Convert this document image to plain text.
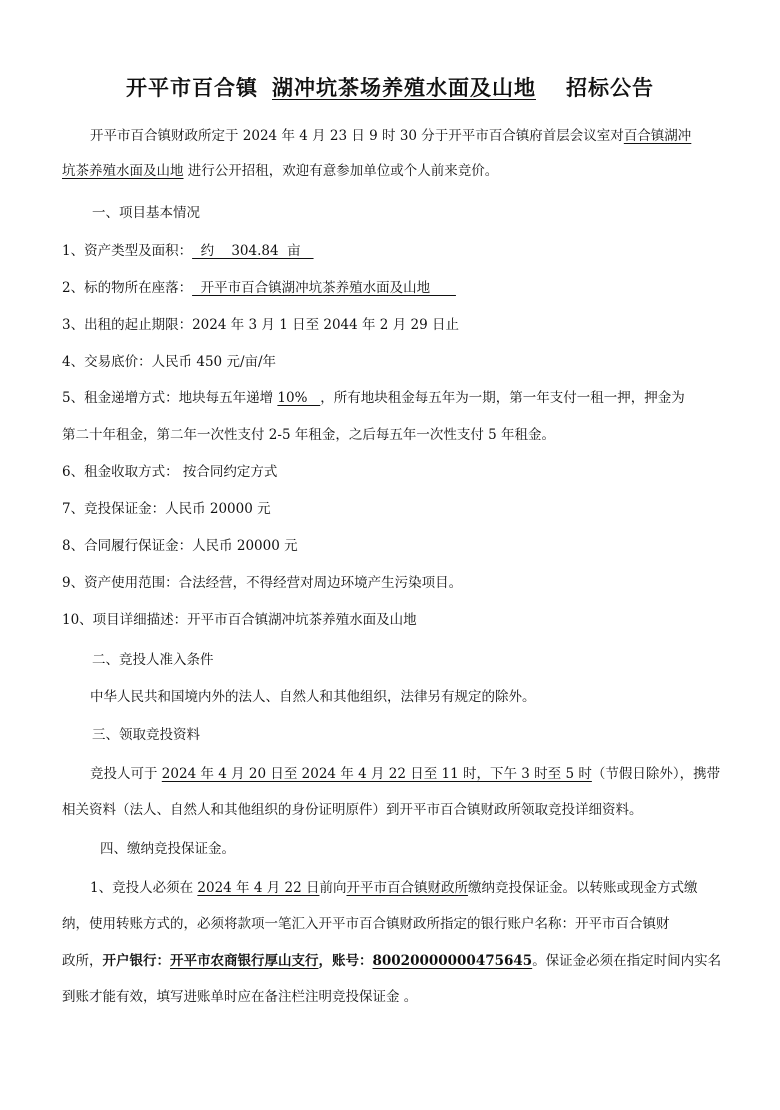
开平市百合镇 湖冲坑茶场养殖水面及山地 招标公告
开平市百合镇财政所定于 2024 年 4 月 23 日 9 时 30 分于开平市百合镇府首层会议室对百合镇湖冲
坑茶养殖水面及山地 进行公开招租，欢迎有意参加单位或个人前来竞价。
一、项目基本情况
1、资产类型及面积：  约    304.84  亩
2、标的物所在座落：  开平市百合镇湖冲坑茶养殖水面及山地
3、出租的起止期限：2024 年 3 月 1 日至 2044 年 2 月 29 日止
4、交易底价：人民币 450 元/亩/年
5、租金递增方式：地块每五年递增 10%   ，所有地块租金每五年为一期，第一年支付一租一押，押金为
第二十年租金，第二年一次性支付 2-5 年租金，之后每五年一次性支付 5 年租金。
6、租金收取方式： 按合同约定方式
7、竞投保证金：人民币 20000 元
8、合同履行保证金：人民币 20000 元
9、资产使用范围：合法经营，不得经营对周边环境产生污染项目。
10、项目详细描述：开平市百合镇湖冲坑茶养殖水面及山地
二、竞投人准入条件
中华人民共和国境内外的法人、自然人和其他组织，法律另有规定的除外。
三、领取竞投资料
竞投人可于 2024 年 4 月 20 日至 2024 年 4 月 22 日至 11 时，下午 3 时至 5 时（节假日除外），携带
相关资料（法人、自然人和其他组织的身份证明原件）到开平市百合镇财政所领取竞投详细资料。
四、缴纳竞投保证金。
1、竞投人必须在 2024 年 4 月 22 日前向开平市百合镇财政所缴纳竞投保证金。以转账或现金方式缴
纳，使用转账方式的，必须将款项一笔汇入开平市百合镇财政所指定的银行账户名称：开平市百合镇财
政所，开户银行：开平市农商银行厚山支行，账号：80020000000475645。保证金必须在指定时间内实名
到账才能有效，填写进账单时应在备注栏注明竞投保证金 。
